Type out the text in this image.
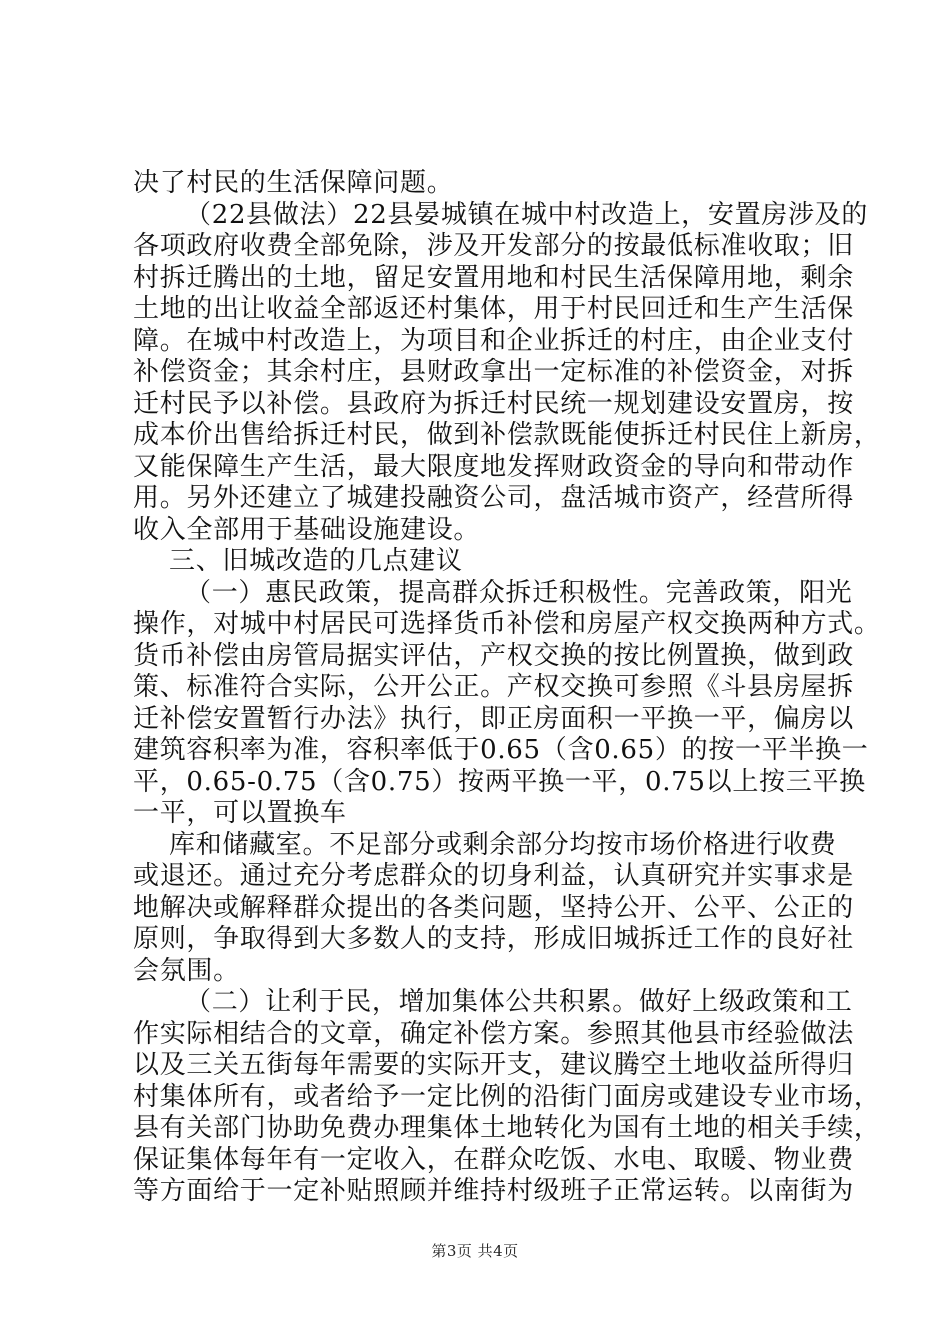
决了村民的生活保障问题。
（22县做法）22县晏城镇在城中村改造上，安置房涉及的
各项政府收费全部免除，涉及开发部分的按最低标准收取；旧
村拆迁腾出的土地，留足安置用地和村民生活保障用地，剩余
土地的出让收益全部返还村集体，用于村民回迁和生产生活保
障。在城中村改造上，为项目和企业拆迁的村庄，由企业支付
补偿资金；其余村庄，县财政拿出一定标准的补偿资金，对拆
迁村民予以补偿。县政府为拆迁村民统一规划建设安置房，按
成本价出售给拆迁村民，做到补偿款既能使拆迁村民住上新房，
又能保障生产生活，最大限度地发挥财政资金的导向和带动作
用。另外还建立了城建投融资公司，盘活城市资产，经营所得
收入全部用于基础设施建设。
三、旧城改造的几点建议
（一）惠民政策，提高群众拆迁积极性。完善政策，阳光
操作，对城中村居民可选择货币补偿和房屋产权交换两种方式。
货币补偿由房管局据实评估，产权交换的按比例置换，做到政
策、标准符合实际，公开公正。产权交换可参照《斗县房屋拆
迁补偿安置暂行办法》执行，即正房面积一平换一平，偏房以
建筑容积率为准，容积率低于0.65（含0.65）的按一平半换一
平，0.65-0.75（含0.75）按两平换一平，0.75以上按三平换
一平，可以置换车
库和储藏室。不足部分或剩余部分均按市场价格进行收费
或退还。通过充分考虑群众的切身利益，认真研究并实事求是
地解决或解释群众提出的各类问题，坚持公开、公平、公正的
原则，争取得到大多数人的支持，形成旧城拆迁工作的良好社
会氛围。
（二）让利于民，增加集体公共积累。做好上级政策和工
作实际相结合的文章，确定补偿方案。参照其他县市经验做法
以及三关五街每年需要的实际开支，建议腾空土地收益所得归
村集体所有，或者给予一定比例的沿街门面房或建设专业市场，
县有关部门协助免费办理集体土地转化为国有土地的相关手续，
保证集体每年有一定收入，在群众吃饭、水电、取暖、物业费
等方面给于一定补贴照顾并维持村级班子正常运转。以南街为
第3页 共4页
